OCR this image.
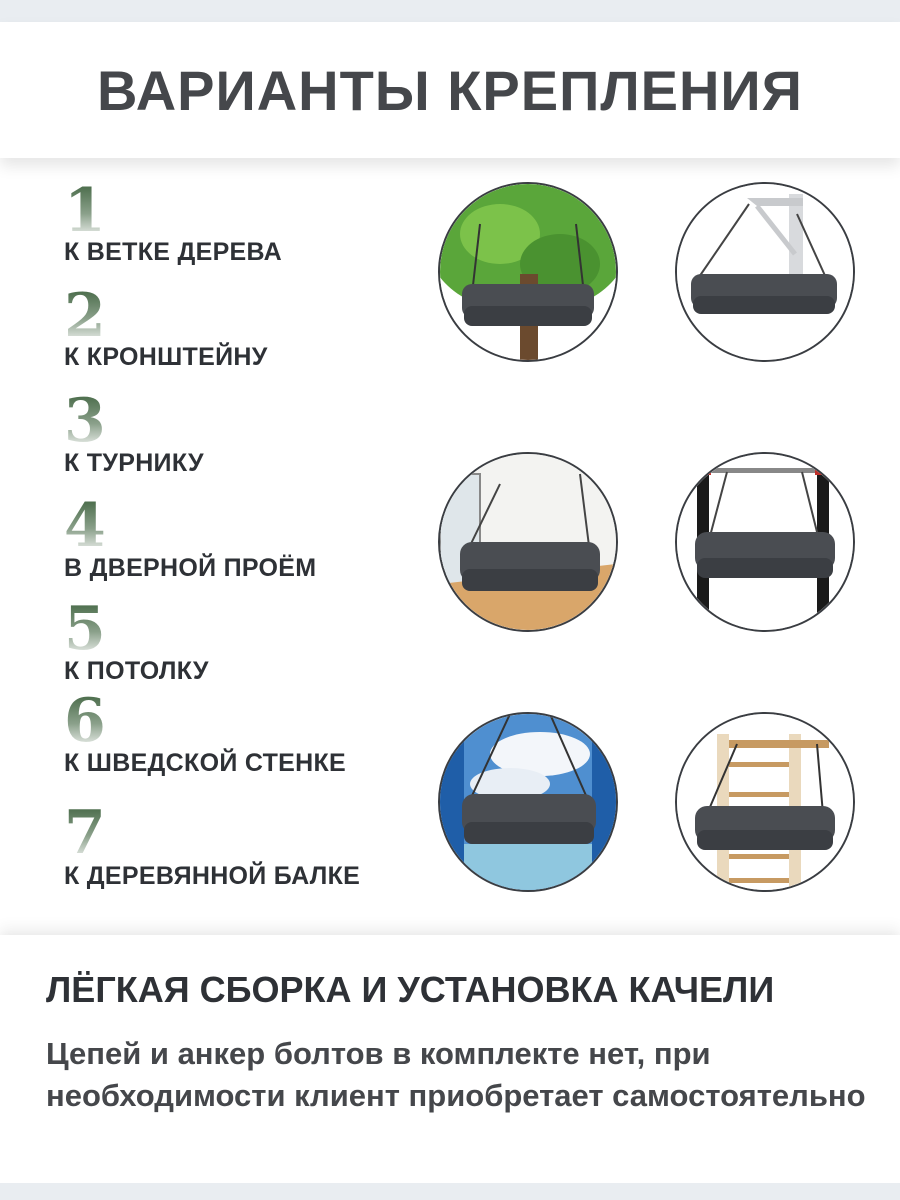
ВАРИАНТЫ КРЕПЛЕНИЯ
1
К ВЕТКЕ ДЕРЕВА
2
К КРОНШТЕЙНУ
3
К ТУРНИКУ
4
В ДВЕРНОЙ ПРОЁМ
5
К ПОТОЛКУ
6
К ШВЕДСКОЙ СТЕНКЕ
7
К ДЕРЕВЯННОЙ БАЛКЕ
ЛЁГКАЯ СБОРКА И УСТАНОВКА КАЧЕЛИ

Цепей и анкер болтов в комплекте нет, при необходимости клиент приобретает самостоятельно
